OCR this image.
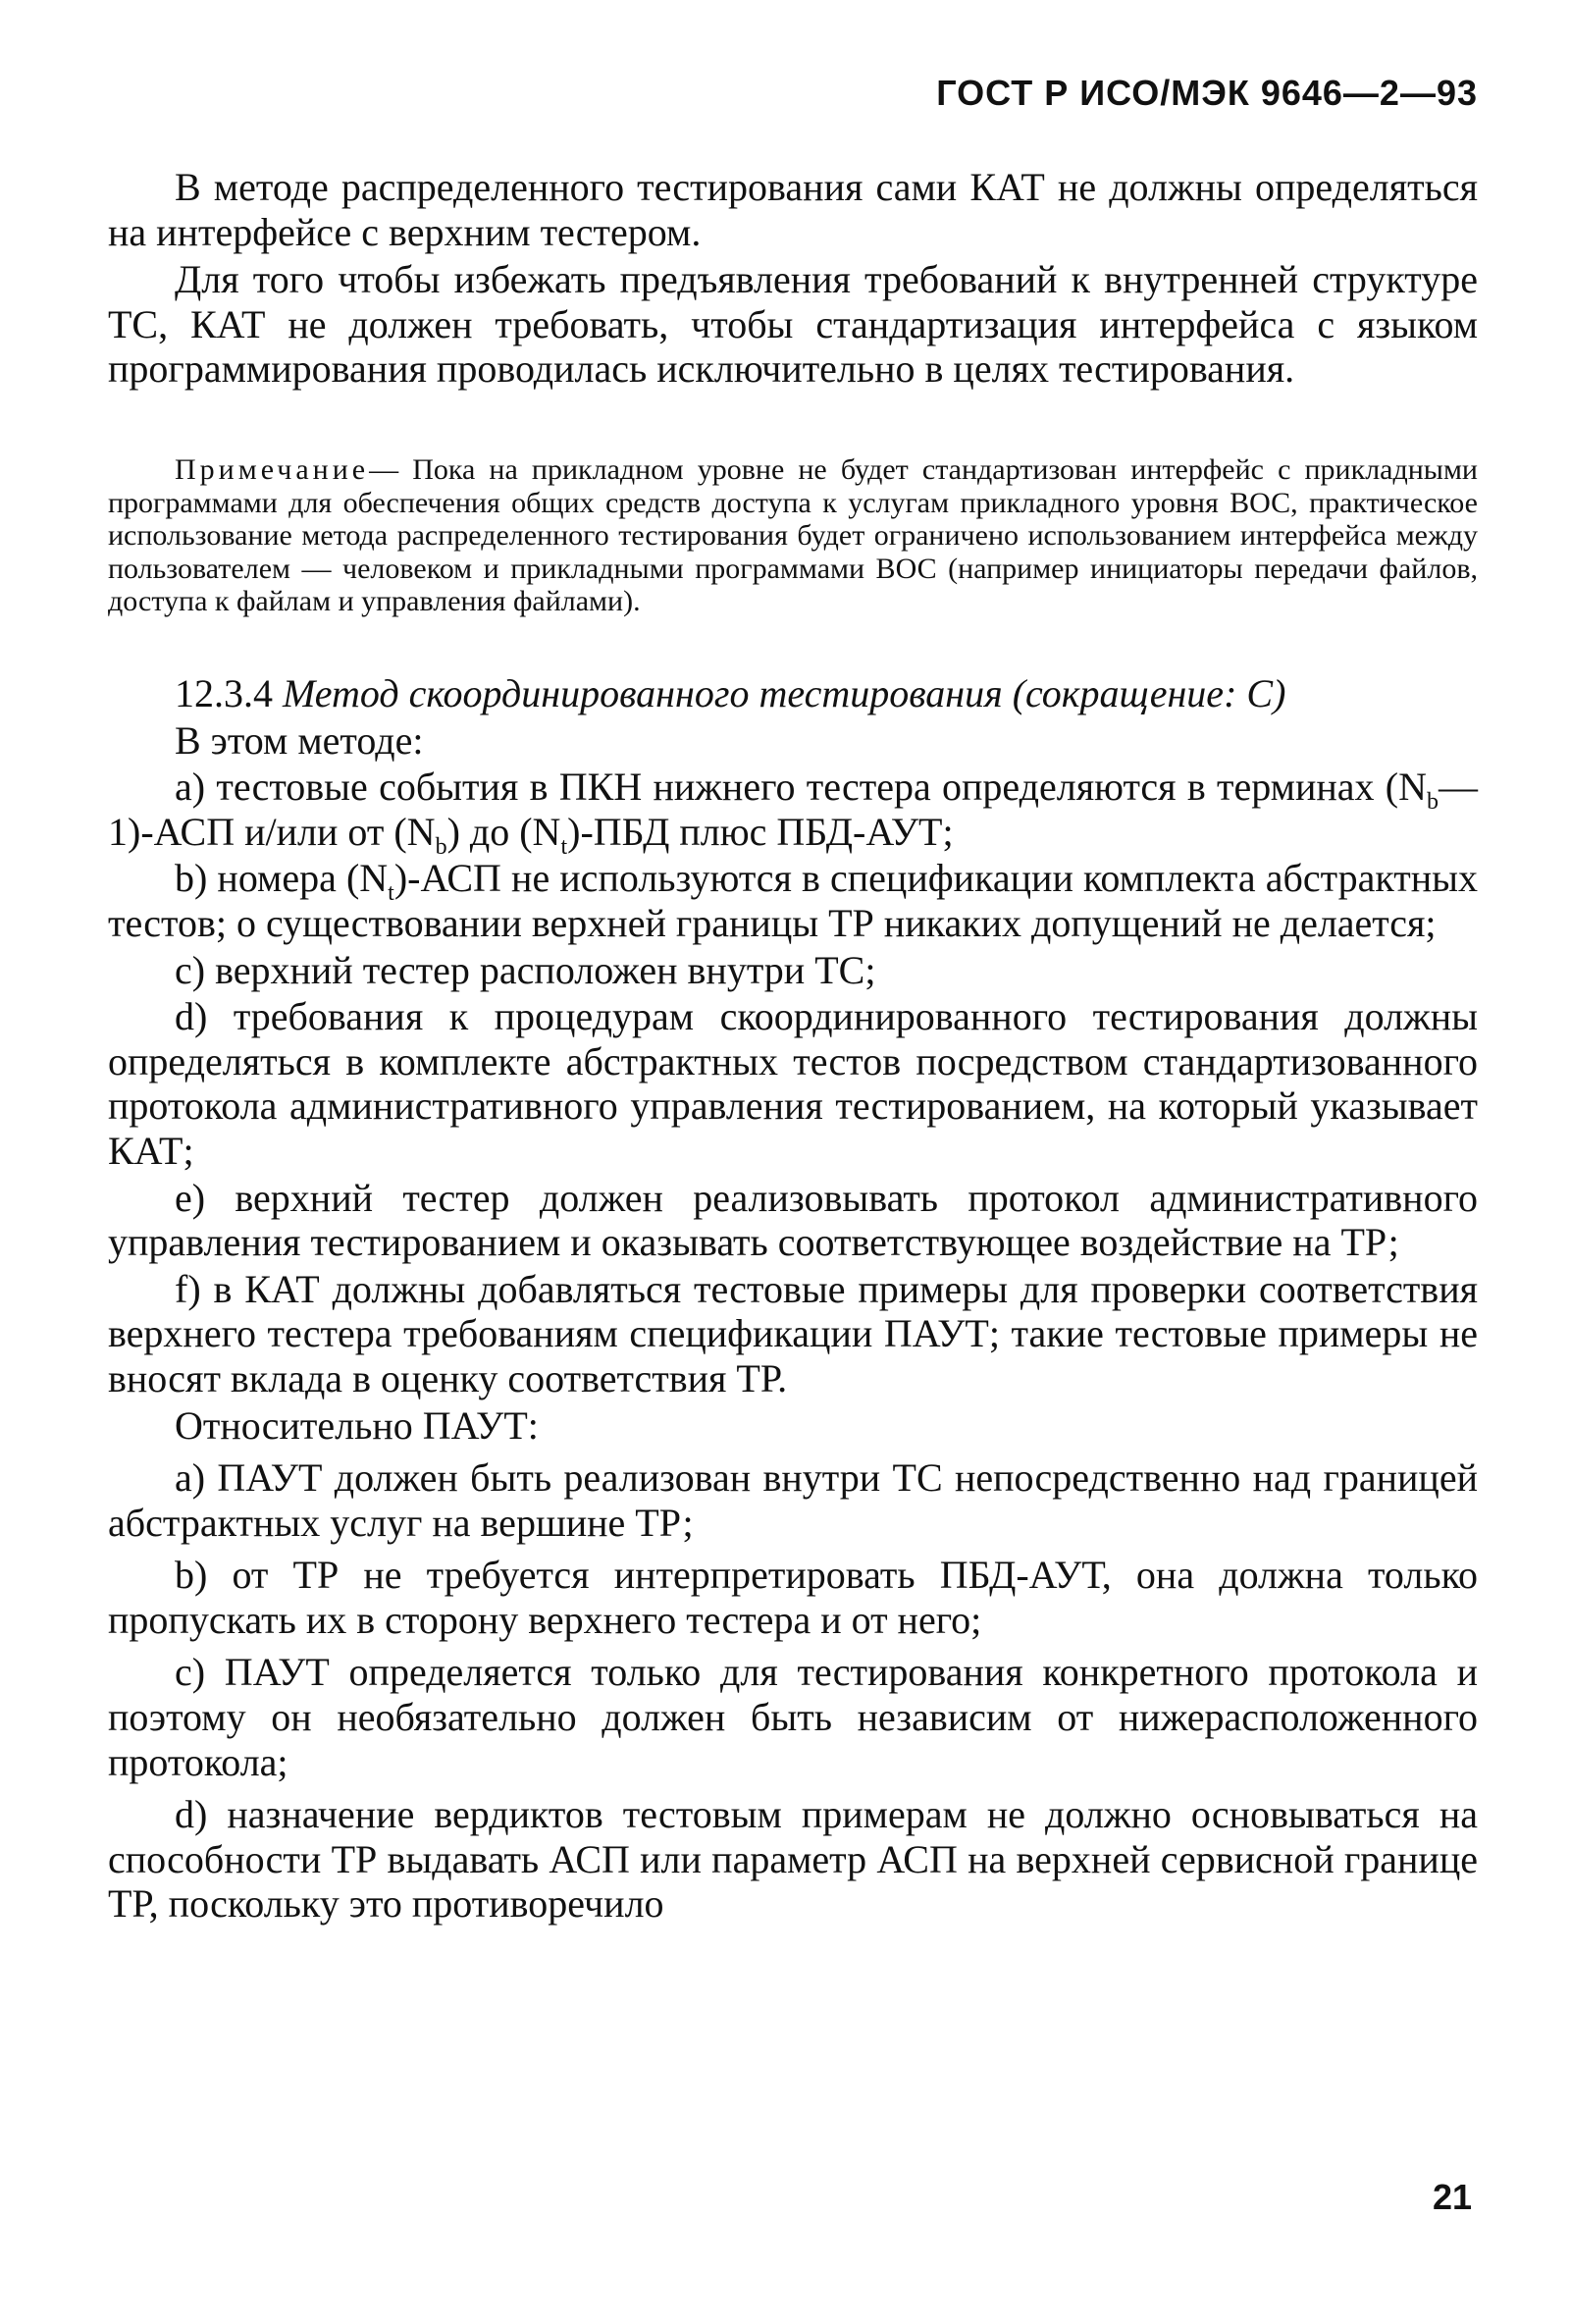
ГОСТ Р ИСО/МЭК 9646—2—93

В методе распределенного тестирования сами КАТ не должны определяться на интерфейсе с верхним тестером.

Для того чтобы избежать предъявления требований к внутренней структуре ТС, КАТ не должен требовать, чтобы стандартизация интерфейса с языком программирования проводилась исключительно в целях тестирования.

Примечание— Пока на прикладном уровне не будет стандартизован интерфейс с прикладными программами для обеспечения общих средств доступа к услугам прикладного уровня ВОС, практическое использование метода распределенного тестирования будет ограничено использованием интерфейса между пользователем — человеком и прикладными программами ВОС (например инициаторы передачи файлов, доступа к файлам и управления файлами).

12.3.4 Метод скоординированного тестирования (сокращение: С)

В этом методе:

а) тестовые события в ПКН нижнего тестера определяются в терминах $(N_b—1)$-АСП и/или от $(N_b)$ до $(N_t)$-ПБД плюс ПБД-АУТ;

b) номера $(N_t)$-АСП не используются в спецификации комплекта абстрактных тестов; о существовании верхней границы ТР никаких допущений не делается;

с) верхний тестер расположен внутри ТС;

d) требования к процедурам скоординированного тестирования должны определяться в комплекте абстрактных тестов посредством стандартизованного протокола административного управления тестированием, на который указывает КАТ;

е) верхний тестер должен реализовывать протокол административного управления тестированием и оказывать соответствующее воздействие на ТР;

f) в КАТ должны добавляться тестовые примеры для проверки соответствия верхнего тестера требованиям спецификации ПАУТ; такие тестовые примеры не вносят вклада в оценку соответствия ТР.

Относительно ПАУТ:

а) ПАУТ должен быть реализован внутри ТС непосредственно над границей абстрактных услуг на вершине ТР;

b) от ТР не требуется интерпретировать ПБД-АУТ, она должна только пропускать их в сторону верхнего тестера и от него;

с) ПАУТ определяется только для тестирования конкретного протокола и поэтому он необязательно должен быть независим от нижерасположенного протокола;

d) назначение вердиктов тестовым примерам не должно основываться на способности ТР выдавать АСП или параметр АСП на верхней сервисной границе ТР, поскольку это противоречило

21
